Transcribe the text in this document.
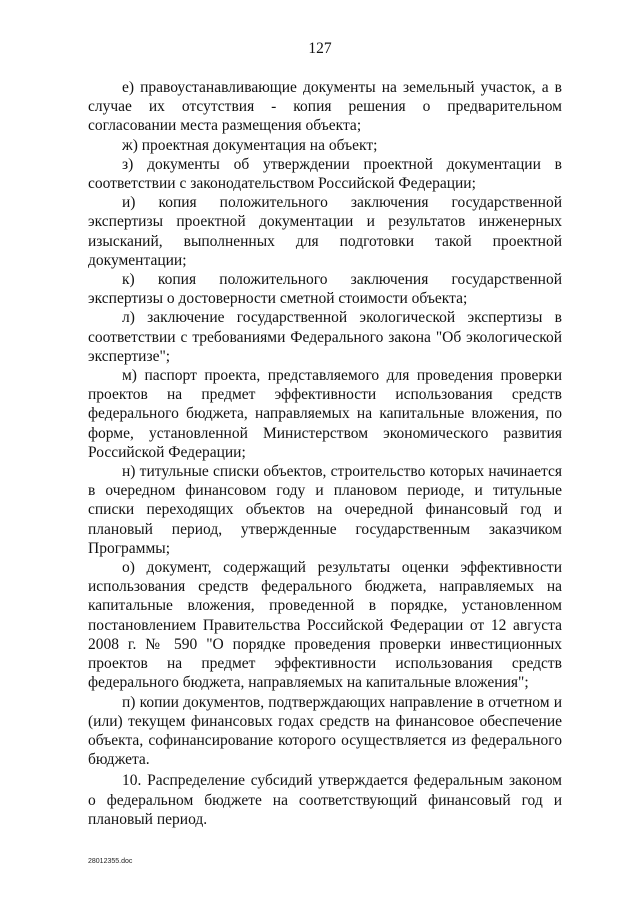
127

е) правоустанавливающие документы на земельный участок, а в случае их отсутствия - копия решения о предварительном согласовании места размещения объекта;

ж) проектная документация на объект;

з) документы об утверждении проектной документации в соответствии с законодательством Российской Федерации;

и) копия положительного заключения государственной экспертизы проектной документации и результатов инженерных изысканий, выполненных для подготовки такой проектной документации;

к) копия положительного заключения государственной экспертизы о достоверности сметной стоимости объекта;

л) заключение государственной экологической экспертизы в соответствии с требованиями Федерального закона "Об экологической экспертизе";

м) паспорт проекта, представляемого для проведения проверки проектов на предмет эффективности использования средств федерального бюджета, направляемых на капитальные вложения, по форме, установленной Министерством экономического развития Российской Федерации;

н) титульные списки объектов, строительство которых начинается в очередном финансовом году и плановом периоде, и титульные списки переходящих объектов на очередной финансовый год и плановый период, утвержденные государственным заказчиком Программы;

о) документ, содержащий результаты оценки эффективности использования средств федерального бюджета, направляемых на капитальные вложения, проведенной в порядке, установленном постановлением Правительства Российской Федерации от 12 августа 2008 г. № 590 "О порядке проведения проверки инвестиционных проектов на предмет эффективности использования средств федерального бюджета, направляемых на капитальные вложения";

п) копии документов, подтверждающих направление в отчетном и (или) текущем финансовых годах средств на финансовое обеспечение объекта, софинансирование которого осуществляется из федерального бюджета.

10. Распределение субсидий утверждается федеральным законом о федеральном бюджете на соответствующий финансовый год и плановый период.

28012355.doc
